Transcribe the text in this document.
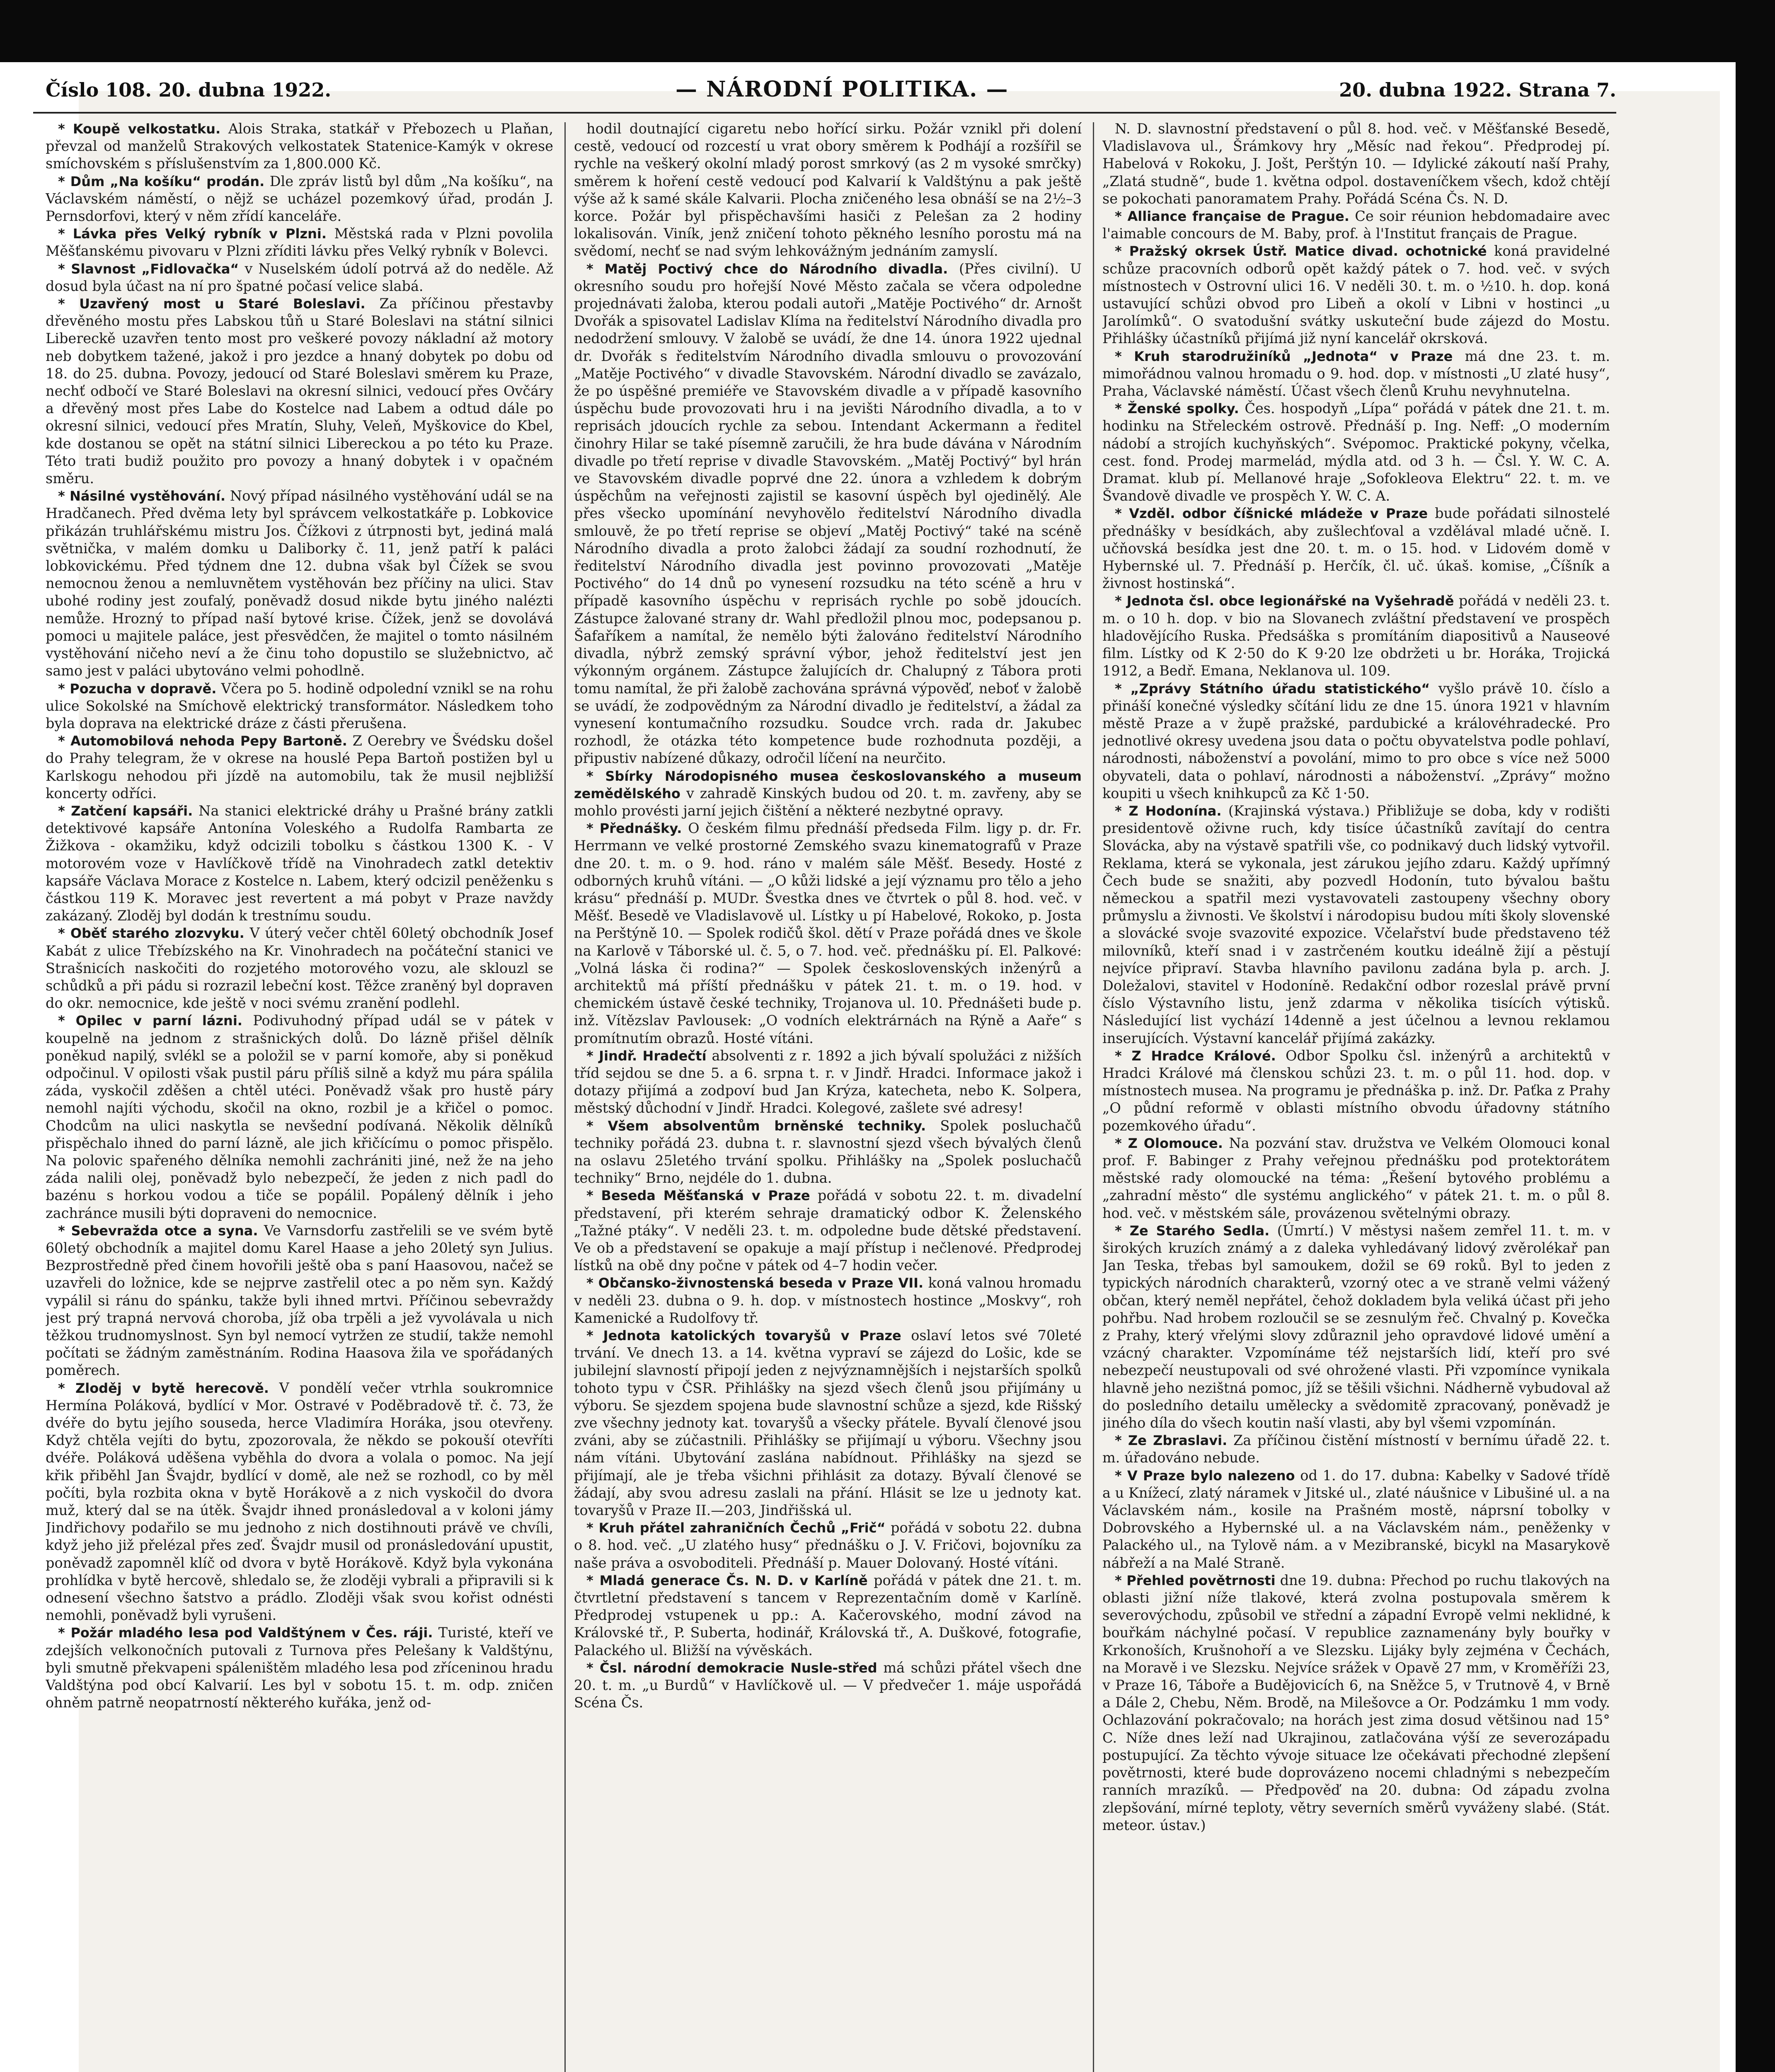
Číslo 108. 20. dubna 1922.	— NÁRODNÍ POLITIKA. —	20. dubna 1922. Strana 7.

* Koupě velkostatku. Alois Straka, statkář v Přebozech u Plaňan, převzal od manželů Strakových velkostatek Statenice-Kamýk v okrese smíchovském s příslušenstvím za 1,800.000 Kč.

* Dům „Na košíku“ prodán. Dle zpráv listů byl dům „Na košíku“, na Václavském náměstí, o nějž se ucházel pozemkový úřad, prodán J. Pernsdorfovi, který v něm zřídí kanceláře.

* Lávka přes Velký rybník v Plzni. Městská rada v Plzni povolila Měšťanskému pivovaru v Plzni zříditi lávku přes Velký rybník v Bolevci.

* Slavnost „Fidlovačka“ v Nuselském údolí potrvá až do neděle. Až dosud byla účast na ní pro špatné počasí velice slabá.

* Uzavřený most u Staré Boleslavi. Za příčinou přestavby dřevěného mostu přes Labskou tůň u Staré Boleslavi na státní silnici Libereckě uzavřen tento most pro veškeré povozy nákladní až motory neb dobytkem tažené, jakož i pro jezdce a hnaný dobytek po dobu od 18. do 25. dubna. Povozy, jedoucí od Staré Boleslavi směrem ku Praze, nechť odbočí ve Staré Boleslavi na okresní silnici, vedoucí přes Ovčáry a dřevěný most přes Labe do Kostelce nad Labem a odtud dále po okresní silnici, vedoucí přes Mratín, Sluhy, Veleň, Myškovice do Kbel, kde dostanou se opět na státní silnici Libereckou a po této ku Praze. Této trati budiž použito pro povozy a hnaný dobytek i v opačném směru.

* Násilné vystěhování. Nový případ násilného vystěhování udál se na Hradčanech. Před dvěma lety byl správcem velkostatkáře p. Lobkovice přikázán truhlářskému mistru Jos. Čížkovi z útrpnosti byt, jediná malá světnička, v malém domku u Daliborky č. 11, jenž patří k paláci lobkovickému. Před týdnem dne 12. dubna však byl Čížek se svou nemocnou ženou a nemluvnětem vystěhován bez příčiny na ulici. Stav ubohé rodiny jest zoufalý, poněvadž dosud nikde bytu jiného nalézti nemůže. Hrozný to případ naší bytové krise. Čížek, jenž se dovolává pomoci u majitele paláce, jest přesvědčen, že majitel o tomto násilném vystěhování ničeho neví a že činu toho dopustilo se služebnictvo, ač samo jest v paláci ubytováno velmi pohodlně.

* Pozucha v dopravě. Včera po 5. hodině odpolední vznikl se na rohu ulice Sokolské na Smíchově elektrický transformátor. Následkem toho byla doprava na elektrické dráze z části přerušena.

* Automobilová nehoda Pepy Bartoně. Z Oerebry ve Švédsku došel do Prahy telegram, že v okrese na houslé Pepa Bartoň postižen byl u Karlskogu nehodou při jízdě na automobilu, tak že musil nejbližší koncerty odříci.

* Zatčení kapsáři. Na stanici elektrické dráhy u Prašné brány zatkli detektivové kapsáře Antonína Voleského a Rudolfa Rambarta ze Žižkova - okamžiku, když odcizili tobolku s částkou 1300 K. - V motorovém voze v Havlíčkově třídě na Vinohradech zatkl detektiv kapsáře Václava Morace z Kostelce n. Labem, který odcizil peněženku s částkou 119 K. Moravec jest revertent a má pobyt v Praze navždy zakázaný. Zloděj byl dodán k trestnímu soudu.

* Oběť starého zlozvyku. V úterý večer chtěl 60letý obchodník Josef Kabát z ulice Třebízského na Kr. Vinohradech na počáteční stanici ve Strašnicích naskočiti do rozjetého motorového vozu, ale sklouzl se schůdků a při pádu si rozrazil lebeční kost. Těžce zraněný byl dopraven do okr. nemocnice, kde ještě v noci svému zranění podlehl.

* Opilec v parní lázni. Podivuhodný případ udál se v pátek v koupelně na jednom z strašnických dolů. Do lázně přišel dělník poněkud napilý, svlékl se a položil se v parní komoře, aby si poněkud odpočinul. V opilosti však pustil páru příliš silně a když mu pára spálila záda, vyskočil zděšen a chtěl utéci. Poněvadž však pro hustě páry nemohl najíti východu, skočil na okno, rozbil je a křičel o pomoc. Chodcům na ulici naskytla se nevšední podívaná. Několik dělníků přispěchalo ihned do parní lázně, ale jich křičícímu o pomoc přispělo. Na polovic spařeného dělníka nemohli zachrániti jiné, než že na jeho záda nalili olej, poněvadž bylo nebezpečí, že jeden z nich padl do bazénu s horkou vodou a tiče se popálil. Popálený dělník i jeho zachránce musili býti dopraveni do nemocnice.

* Sebevražda otce a syna. Ve Varnsdorfu zastřelili se ve svém bytě 60letý obchodník a majitel domu Karel Haase a jeho 20letý syn Julius. Bezprostředně před činem hovořili ještě oba s paní Haasovou, načež se uzavřeli do ložnice, kde se nejprve zastřelil otec a po něm syn. Každý vypálil si ránu do spánku, takže byli ihned mrtvi. Příčinou sebevraždy jest prý trapná nervová choroba, jíž oba trpěli a jež vyvolávala u nich těžkou trudnomyslnost. Syn byl nemocí vytržen ze studií, takže nemohl počítati se žádným zaměstnáním. Rodina Haasova žila ve spořádaných poměrech.

* Zloděj v bytě herecově. V pondělí večer vtrhla soukromnice Hermína Poláková, bydlící v Mor. Ostravé v Poděbradově tř. č. 73, že dvéře do bytu jejího souseda, herce Vladimíra Horáka, jsou otevřeny. Když chtěla vejíti do bytu, zpozorovala, že někdo se pokouší otevříti dvéře. Poláková uděšena vyběhla do dvora a volala o pomoc. Na její křik přiběhl Jan Švajdr, bydlící v domě, ale než se rozhodl, co by měl počíti, byla rozbita okna v bytě Horákově a z nich vyskočil do dvora muž, který dal se na útěk. Švajdr ihned pronásledoval a v koloni jámy Jindřichovy podařilo se mu jednoho z nich dostihnouti právě ve chvíli, když jeho již přelézal přes zeď. Švajdr musil od pronásledování upustit, poněvadž zapomněl klíč od dvora v bytě Horákově. Když byla vykonána prohlídka v bytě hercově, shledalo se, že zloději vybrali a připravili si k odnesení všechno šatstvo a prádlo. Zloději však svou kořist odnésti nemohli, poněvadž byli vyrušeni.

* Požár mladého lesa pod Valdštýnem v Čes. ráji. Turisté, kteří ve zdejších velkonočních putovali z Turnova přes Pelešany k Valdštýnu, byli smutně překvapeni spáleništěm mladého lesa pod zříceninou hradu Valdštýna pod obcí Kalvarií. Les byl v sobotu 15. t. m. odp. zničen ohněm patrně neopatrností některého kuřáka, jenž od-

hodil doutnající cigaretu nebo hořící sirku. Požár vznikl při dolení cestě, vedoucí od rozcestí u vrat obory směrem k Podhájí a rozšířil se rychle na veškerý okolní mladý porost smrkový (as 2 m vysoké smrčky) směrem k hoření cestě vedoucí pod Kalvarií k Valdštýnu a pak ještě výše až k samé skále Kalvarii. Plocha zničeného lesa obnáší se na 2½–3 korce. Požár byl přispěchavšími hasiči z Pelešan za 2 hodiny lokalisován. Viník, jenž zničení tohoto pěkného lesního porostu má na svědomí, nechť se nad svým lehkovážným jednáním zamyslí.

* Matěj Poctivý chce do Národního divadla. (Přes civilní). U okresního soudu pro hořejší Nové Město začala se včera odpoledne projednávati žaloba, kterou podali autoři „Matěje Poctivého“ dr. Arnošt Dvořák a spisovatel Ladislav Klíma na ředitelství Národního divadla pro nedodržení smlouvy. V žalobě se uvádí, že dne 14. února 1922 ujednal dr. Dvořák s ředitelstvím Národního divadla smlouvu o provozování „Matěje Poctivého“ v divadle Stavovském. Národní divadlo se zavázalo, že po úspěšné premiéře ve Stavovském divadle a v případě kasovního úspěchu bude provozovati hru i na jevišti Národního divadla, a to v reprisách jdoucích rychle za sebou. Intendant Ackermann a ředitel činohry Hilar se také písemně zaručili, že hra bude dávána v Národním divadle po třetí reprise v divadle Stavovském. „Matěj Poctivý“ byl hrán ve Stavovském divadle poprvé dne 22. února a vzhledem k dobrým úspěchům na veřejnosti zajistil se kasovní úspěch byl ojedinělý. Ale přes všecko upomínání nevyhovělo ředitelství Národního divadla smlouvě, že po třetí reprise se objeví „Matěj Poctivý“ také na scéně Národního divadla a proto žalobci žádají za soudní rozhodnutí, že ředitelství Národního divadla jest povinno provozovati „Matěje Poctivého“ do 14 dnů po vynesení rozsudku na této scéně a hru v případě kasovního úspěchu v reprisách rychle po sobě jdoucích. Zástupce žalované strany dr. Wahl předložil plnou moc, podepsanou p. Šafaříkem a namítal, že nemělo býti žalováno ředitelství Národního divadla, nýbrž zemský správní výbor, jehož ředitelství jest jen výkonným orgánem. Zástupce žalujících dr. Chalupný z Tábora proti tomu namítal, že při žalobě zachována správná výpověď, neboť v žalobě se uvádí, že zodpovědným za Národní divadlo je ředitelství, a žádal za vynesení kontumačního rozsudku. Soudce vrch. rada dr. Jakubec rozhodl, že otázka této kompetence bude rozhodnuta později, a připustiv nabízené důkazy, odročil líčení na neurčito.

* Sbírky Národopisného musea českoslovanského a museum zemědělského v zahradě Kinských budou od 20. t. m. zavřeny, aby se mohlo provésti jarní jejich čištění a některé nezbytné opravy.

* Přednášky. O českém filmu přednáší předseda Film. ligy p. dr. Fr. Herrmann ve velké prostorné Zemského svazu kinematografů v Praze dne 20. t. m. o 9. hod. ráno v malém sále Měšť. Besedy. Hosté z odborných kruhů vítáni. — „O kůži lidské a její významu pro tělo a jeho krásu“ přednáší p. MUDr. Švestka dnes ve čtvrtek o půl 8. hod. več. v Měšť. Besedě ve Vladislavově ul. Lístky u pí Habelové, Rokoko, p. Josta na Perštýně 10. — Spolek rodičů škol. dětí v Praze pořádá dnes ve škole na Karlově v Táborské ul. č. 5, o 7. hod. več. přednášku pí. El. Palkové: „Volná láska či rodina?“ — Spolek československých inženýrů a architektů má příští přednášku v pátek 21. t. m. o 19. hod. v chemickém ústavě české techniky, Trojanova ul. 10. Přednášeti bude p. inž. Vítězslav Pavlousek: „O vodních elektrárnách na Rýně a Aaře“ s promítnutím obrazů. Hosté vítáni.

* Jindř. Hradečtí absolventi z r. 1892 a jich bývalí spolužáci z nižších tříd sejdou se dne 5. a 6. srpna t. r. v Jindř. Hradci. Informace jakož i dotazy přijímá a zodpoví bud Jan Krýza, katecheta, nebo K. Solpera, městský důchodní v Jindř. Hradci. Kolegové, zašlete své adresy!

* Všem absolventům brněnské techniky. Spolek posluchačů techniky pořádá 23. dubna t. r. slavnostní sjezd všech bývalých členů na oslavu 25letého trvání spolku. Přihlášky na „Spolek posluchačů techniky“ Brno, nejdéle do 1. dubna.

* Beseda Měšťanská v Praze pořádá v sobotu 22. t. m. divadelní představení, při kterém sehraje dramatický odbor K. Želenského „Tažné ptáky“. V neděli 23. t. m. odpoledne bude dětské představení. Ve ob a představení se opakuje a mají přístup i nečlenové. Předprodej lístků na obě dny počne v pátek od 4–7 hodin večer.

* Občansko-živnostenská beseda v Praze VII. koná valnou hromadu v neděli 23. dubna o 9. h. dop. v místnostech hostince „Moskvy“, roh Kamenické a Rudolfovy tř.

* Jednota katolických tovaryšů v Praze oslaví letos své 70leté trvání. Ve dnech 13. a 14. května vypraví se zájezd do Lošic, kde se jubilejní slavností připojí jeden z nejvýznamnějších i nejstarších spolků tohoto typu v ČSR. Přihlášky na sjezd všech členů jsou přijímány u výboru. Se sjezdem spojena bude slavnostní schůze a sjezd, kde Rišský zve všechny jednoty kat. tovaryšů a všecky přátele. Byvalí členové jsou zváni, aby se zúčastnili. Přihlášky se přijímají u výboru. Všechny jsou nám vítáni. Ubytování zaslána nabídnout. Přihlášky na sjezd se přijímají, ale je třeba všichni přihlásit za dotazy. Bývalí členové se žádají, aby svou adresu zaslali na přání. Hlásit se lze u jednoty kat. tovaryšů v Praze II.—203, Jindřišská ul.

* Kruh přátel zahraničních Čechů „Frič“ pořádá v sobotu 22. dubna o 8. hod. več. „U zlatého husy“ přednášku o J. V. Fričovi, bojovníku za naše práva a osvoboditeli. Přednáší p. Mauer Dolovaný. Hosté vítáni.

* Mladá generace Čs. N. D. v Karlíně pořádá v pátek dne 21. t. m. čtvrtletní představení s tancem v Reprezentačním domě v Karlíně. Předprodej vstupenek u pp.: A. Kačerovského, modní závod na Královské tř., P. Suberta, hodinář, Královská tř., A. Duškové, fotografie, Palackého ul. Bližší na vývěskách.

* Čsl. národní demokracie Nusle-střed má schůzi přátel všech dne 20. t. m. „u Burdů“ v Havlíčkově ul. — V předvečer 1. máje uspořádá Scéna Čs.

N. D. slavnostní představení o půl 8. hod. več. v Měšťanské Besedě, Vladislavova ul., Šrámkovy hry „Měsíc nad řekou“. Předprodej pí. Habelová v Rokoku, J. Jošt, Perštýn 10. — Idylické zákoutí naší Prahy, „Zlatá studně“, bude 1. května odpol. dostaveníčkem všech, kdož chtějí se pokochati panoramatem Prahy. Pořádá Scéna Čs. N. D.

* Alliance française de Prague. Ce soir réunion hebdomadaire avec l'aimable concours de M. Baby, prof. à l'Institut français de Prague.

* Pražský okrsek Ústř. Matice divad. ochotnické koná pravidelné schůze pracovních odborů opět každý pátek o 7. hod. več. v svých místnostech v Ostrovní ulici 16. V neděli 30. t. m. o ½10. h. dop. koná ustavující schůzi obvod pro Libeň a okolí v Libni v hostinci „u Jarolímků“. O svatodušní svátky uskuteční bude zájezd do Mostu. Přihlášky účastníků přijímá již nyní kancelář okrsková.

* Kruh starodružiníků „Jednota“ v Praze má dne 23. t. m. mimořádnou valnou hromadu o 9. hod. dop. v místnosti „U zlaté husy“, Praha, Václavské náměstí. Účast všech členů Kruhu nevyhnutelna.

* Ženské spolky. Čes. hospodyň „Lípa“ pořádá v pátek dne 21. t. m. hodinku na Střeleckém ostrově. Přednáší p. Ing. Neff: „O moderním nádobí a strojích kuchyňských“. Svépomoc. Praktické pokyny, včelka, cest. fond. Prodej marmelád, mýdla atd. od 3 h. — Čsl. Y. W. C. A. Dramat. klub pí. Mellanové hraje „Sofokleova Elektru“ 22. t. m. ve Švandově divadle ve prospěch Y. W. C. A.

* Vzděl. odbor číšnické mládeže v Praze bude pořádati silnostelé přednášky v besídkách, aby zušlechťoval a vzdělával mladé učně. I. učňovská besídka jest dne 20. t. m. o 15. hod. v Lidovém domě v Hybernské ul. 7. Přednáší p. Herčík, čl. uč. úkaš. komise, „Číšník a živnost hostinská“.

* Jednota čsl. obce legionářské na Vyšehradě pořádá v neděli 23. t. m. o 10 h. dop. v bio na Slovanech zvláštní představení ve prospěch hladovějícího Ruska. Předsáška s promítáním diapositivů a Nauseové film. Lístky od K 2·50 do K 9·20 lze obdržeti u br. Horáka, Trojická 1912, a Bedř. Emana, Neklanova ul. 109.

* „Zprávy Státního úřadu statistického“ vyšlo právě 10. číslo a přináší konečné výsledky sčítání lidu ze dne 15. února 1921 v hlavním městě Praze a v župě pražské, pardubické a královéhradecké. Pro jednotlivé okresy uvedena jsou data o počtu obyvatelstva podle pohlaví, národnosti, náboženství a povolání, mimo to pro obce s více než 5000 obyvateli, data o pohlaví, národnosti a náboženství. „Zprávy“ možno koupiti u všech knihkupců za Kč 1·50.

* Z Hodonína. (Krajinská výstava.) Přibližuje se doba, kdy v rodišti presidentově oživne ruch, kdy tisíce účastníků zavítají do centra Slovácka, aby na výstavě spatřili vše, co podnikavý duch lidský vytvořil. Reklama, která se vykonala, jest zárukou jejího zdaru. Každý upřímný Čech bude se snažiti, aby pozvedl Hodonín, tuto bývalou baštu německou a spatřil mezi vystavovateli zastoupeny všechny obory průmyslu a živnosti. Ve školství i národopisu budou míti školy slovenské a slovácké svoje svazovité expozice. Včelařství bude představeno též milovníků, kteří snad i v zastrčeném koutku ideálně žijí a pěstují nejvíce připraví. Stavba hlavního pavilonu zadána byla p. arch. J. Doležalovi, stavitel v Hodoníně. Redakční odbor rozeslal právě první číslo Výstavního listu, jenž zdarma v několika tisících výtisků. Následující list vychází 14denně a jest účelnou a levnou reklamou inserujících. Výstavní kancelář přijímá zakázky.

* Z Hradce Králové. Odbor Spolku čsl. inženýrů a architektů v Hradci Králové má členskou schůzi 23. t. m. o půl 11. hod. dop. v místnostech musea. Na programu je přednáška p. inž. Dr. Paťka z Prahy „O půdní reformě v oblasti místního obvodu úřadovny státního pozemkového úřadu“.

* Z Olomouce. Na pozvání stav. družstva ve Velkém Olomouci konal prof. F. Babinger z Prahy veřejnou přednášku pod protektorátem městské rady olomoucké na téma: „Řešení bytového problému a „zahradní město“ dle systému anglického“ v pátek 21. t. m. o půl 8. hod. več. v městském sále, provázenou světelnými obrazy.

* Ze Starého Sedla. (Úmrtí.) V městysi našem zemřel 11. t. m. v širokých kruzích známý a z daleka vyhledávaný lidový zvěrolékař pan Jan Teska, třebas byl samoukem, dožil se 69 roků. Byl to jeden z typických národních charakterů, vzorný otec a ve straně velmi vážený občan, který neměl nepřátel, čehož dokladem byla veliká účast při jeho pohřbu. Nad hrobem rozloučil se se zesnulým řeč. Chvalný p. Kovečka z Prahy, který vřelými slovy zdůraznil jeho opravdové lidové umění a vzácný charakter. Vzpomínáme též nejstarších lidí, kteří pro své nebezpečí neustupovali od své ohrožené vlasti. Při vzpomínce vynikala hlavně jeho nezištná pomoc, jíž se těšili všichni. Nádherně vybudoval až do posledního detailu umělecky a svědomitě zpracovaný, poněvadž je jiného díla do všech koutin naší vlasti, aby byl všemi vzpomínán.

* Ze Zbraslavi. Za příčinou čistění místností v bernímu úřadě 22. t. m. úřadováno nebude.

* V Praze bylo nalezeno od 1. do 17. dubna: Kabelky v Sadové třídě a u Knížecí, zlatý náramek v Jitské ul., zlaté náušnice v Libušiné ul. a na Václavském nám., kosile na Prašném mostě, náprsní tobolky v Dobrovského a Hybernské ul. a na Václavském nám., peněženky v Palackého ul., na Tylově nám. a v Mezibranské, bicykl na Masarykově nábřeží a na Malé Straně.

* Přehled povětrnosti dne 19. dubna: Přechod po ruchu tlakových na oblasti jižní níže tlakové, která zvolna postupovala směrem k severovýchodu, způsobil ve střední a západní Evropě velmi neklidné, k bouřkám náchylné počasí. V republice zaznamenány byly bouřky v Krkonoších, Krušnohoří a ve Slezsku. Lijáky byly zejména v Čechách, na Moravě i ve Slezsku. Nejvíce srážek v Opavě 27 mm, v Kroměříži 23, v Praze 16, Táboře a Budějovicích 6, na Sněžce 5, v Trutnově 4, v Brně a Dále 2, Chebu, Něm. Brodě, na Milešovce a Or. Podzámku 1 mm vody. Ochlazování pokračovalo; na horách jest zima dosud většinou nad 15° C. Níže dnes leží nad Ukrajinou, zatlačována výší ze severozápadu postupující. Za těchto vývoje situace lze očekávati přechodné zlepšení povětrnosti, které bude doprovázeno nocemi chladnými s nebezpečím ranních mrazíků. — Předpověď na 20. dubna: Od západu zvolna zlepšování, mírné teploty, větry severních směrů vyváženy slabé. (Stát. meteor. ústav.)
